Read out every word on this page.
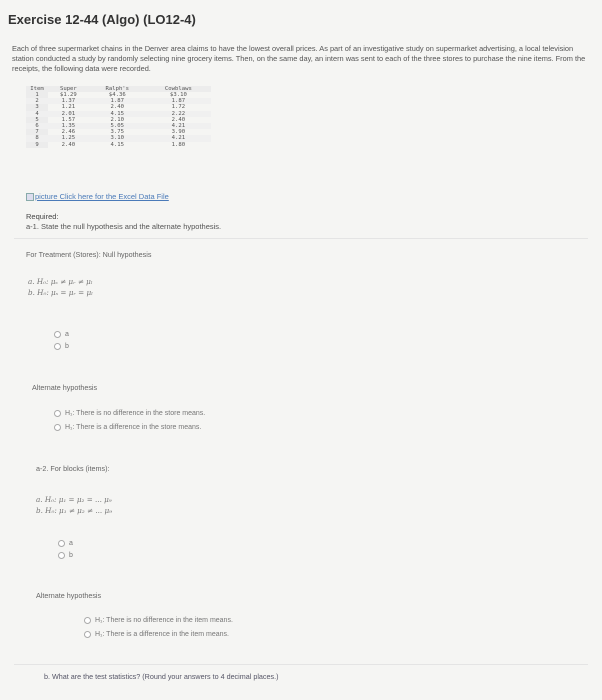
Exercise 12-44 (Algo) (LO12-4)
Each of three supermarket chains in the Denver area claims to have the lowest overall prices. As part of an investigative study on supermarket advertising, a local television station conducted a study by randomly selecting nine grocery items. Then, on the same day, an intern was sent to each of the three stores to purchase the nine items. From the receipts, the following data were recorded.
Item	Super	Ralph's	Cowblaws
1	$1.29	$4.36	$3.10
2	1.37	1.87	1.87
3	1.21	2.40	1.72
4	2.01	4.15	2.22
5	1.57	2.10	2.40
6	1.35	5.05	4.21
7	2.46	3.75	3.90
8	1.25	3.10	4.21
9	2.40	4.15	1.80
picture Click here for the Excel Data File
Required:
a-1. State the null hypothesis and the alternate hypothesis.
For Treatment (Stores): Null hypothesis
a. H₀: μₛ ≠ μᵣ ≠ μₗ
b. H₀: μₛ = μᵣ = μₗ
a
b
Alternate hypothesis
H₁: There is no difference in the store means.
H₁: There is a difference in the store means.
a-2. For blocks (items):
a. H₀: μ₁ = μ₂ = ... μ₉
b. H₀: μ₁ ≠ μ₂ ≠ ... μ₉
a
b
Alternate hypothesis
H₁: There is no difference in the item means.
H₁: There is a difference in the item means.
b. What are the test statistics? (Round your answers to 4 decimal places.)
